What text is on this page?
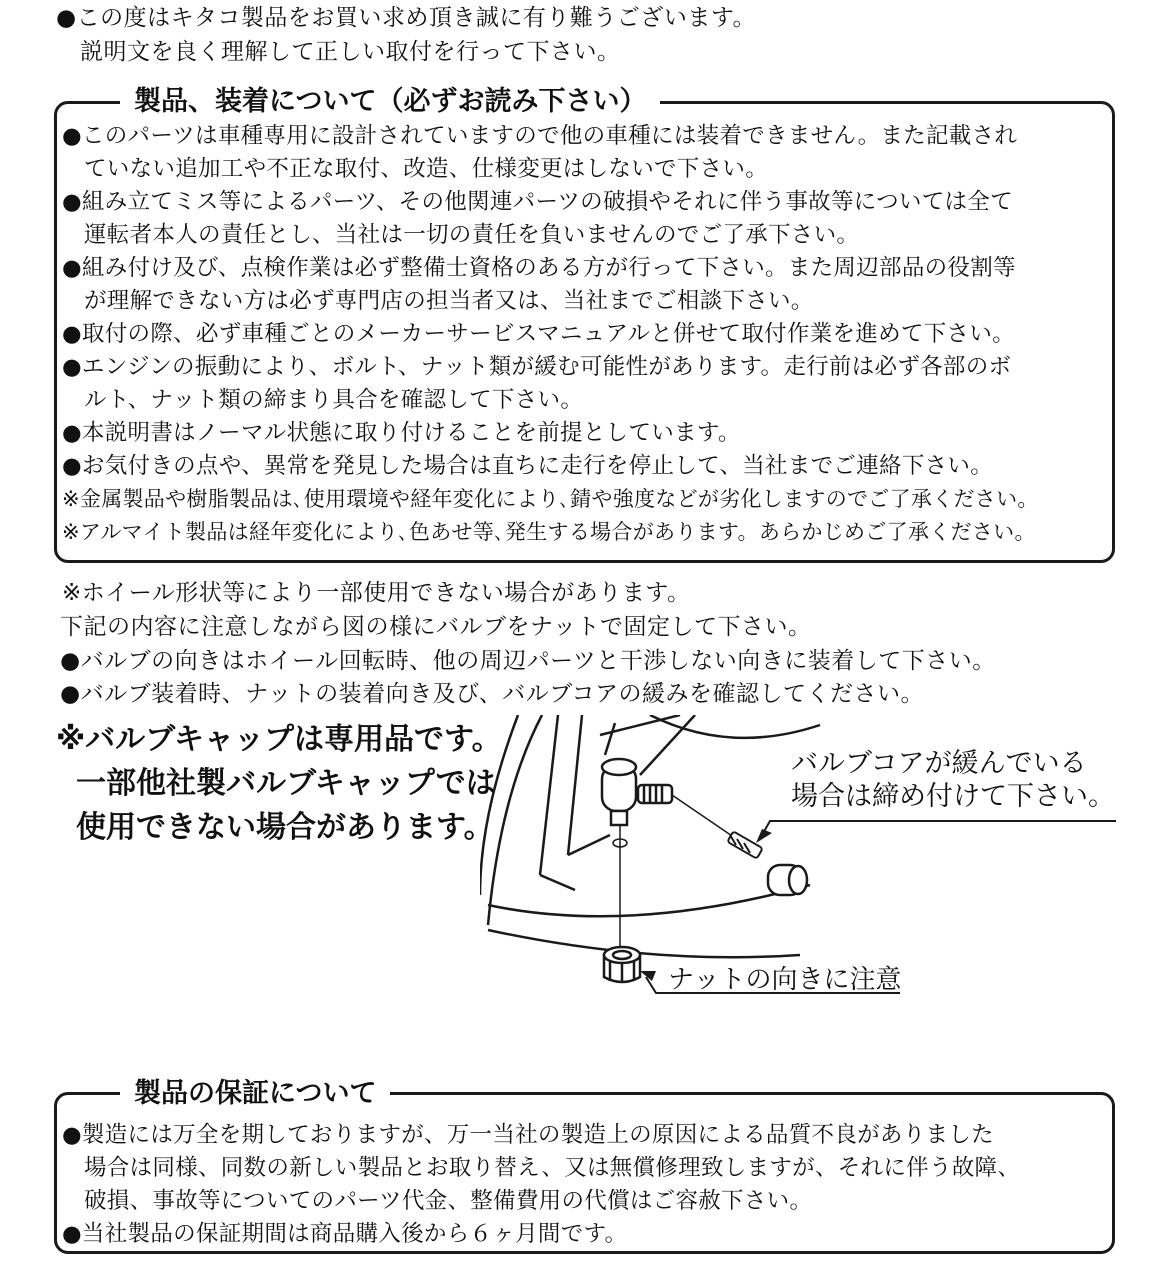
●この度はキタコ製品をお買い求め頂き誠に有り難うございます。
説明文を良く理解して正しい取付を行って下さい。
製品、装着について（必ずお読み下さい）
●このパーツは車種専用に設計されていますので他の車種には装着できません。また記載され
ていない追加工や不正な取付、改造、仕様変更はしないで下さい。
●組み立てミス等によるパーツ、その他関連パーツの破損やそれに伴う事故等については全て
運転者本人の責任とし、当社は一切の責任を負いませんのでご了承下さい。
●組み付け及び、点検作業は必ず整備士資格のある方が行って下さい。また周辺部品の役割等
が理解できない方は必ず専門店の担当者又は、当社までご相談下さい。
●取付の際、必ず車種ごとのメーカーサービスマニュアルと併せて取付作業を進めて下さい。
●エンジンの振動により、ボルト、ナット類が緩む可能性があります。走行前は必ず各部のボ
ルト、ナット類の締まり具合を確認して下さい。
●本説明書はノーマル状態に取り付けることを前提としています。
●お気付きの点や、異常を発見した場合は直ちに走行を停止して、当社までご連絡下さい。
※金属製品や樹脂製品は､使用環境や経年変化により､錆や強度などが劣化しますのでご了承ください。
※アルマイト製品は経年変化により､色あせ等､発生する場合があります。あらかじめご了承ください。
※ホイール形状等により一部使用できない場合があります。
下記の内容に注意しながら図の様にバルブをナットで固定して下さい。
●バルブの向きはホイール回転時、他の周辺パーツと干渉しない向きに装着して下さい。
●バルブ装着時、ナットの装着向き及び、バルブコアの緩みを確認してください。
※バルブキャップは専用品です。
一部他社製バルブキャップでは
使用できない場合があります。
バルブコアが緩んでいる
場合は締め付けて下さい。
ナットの向きに注意
製品の保証について
●製造には万全を期しておりますが、万一当社の製造上の原因による品質不良がありました
場合は同様、同数の新しい製品とお取り替え、又は無償修理致しますが、それに伴う故障、
破損、事故等についてのパーツ代金、整備費用の代償はご容赦下さい。
●当社製品の保証期間は商品購入後から６ヶ月間です。
